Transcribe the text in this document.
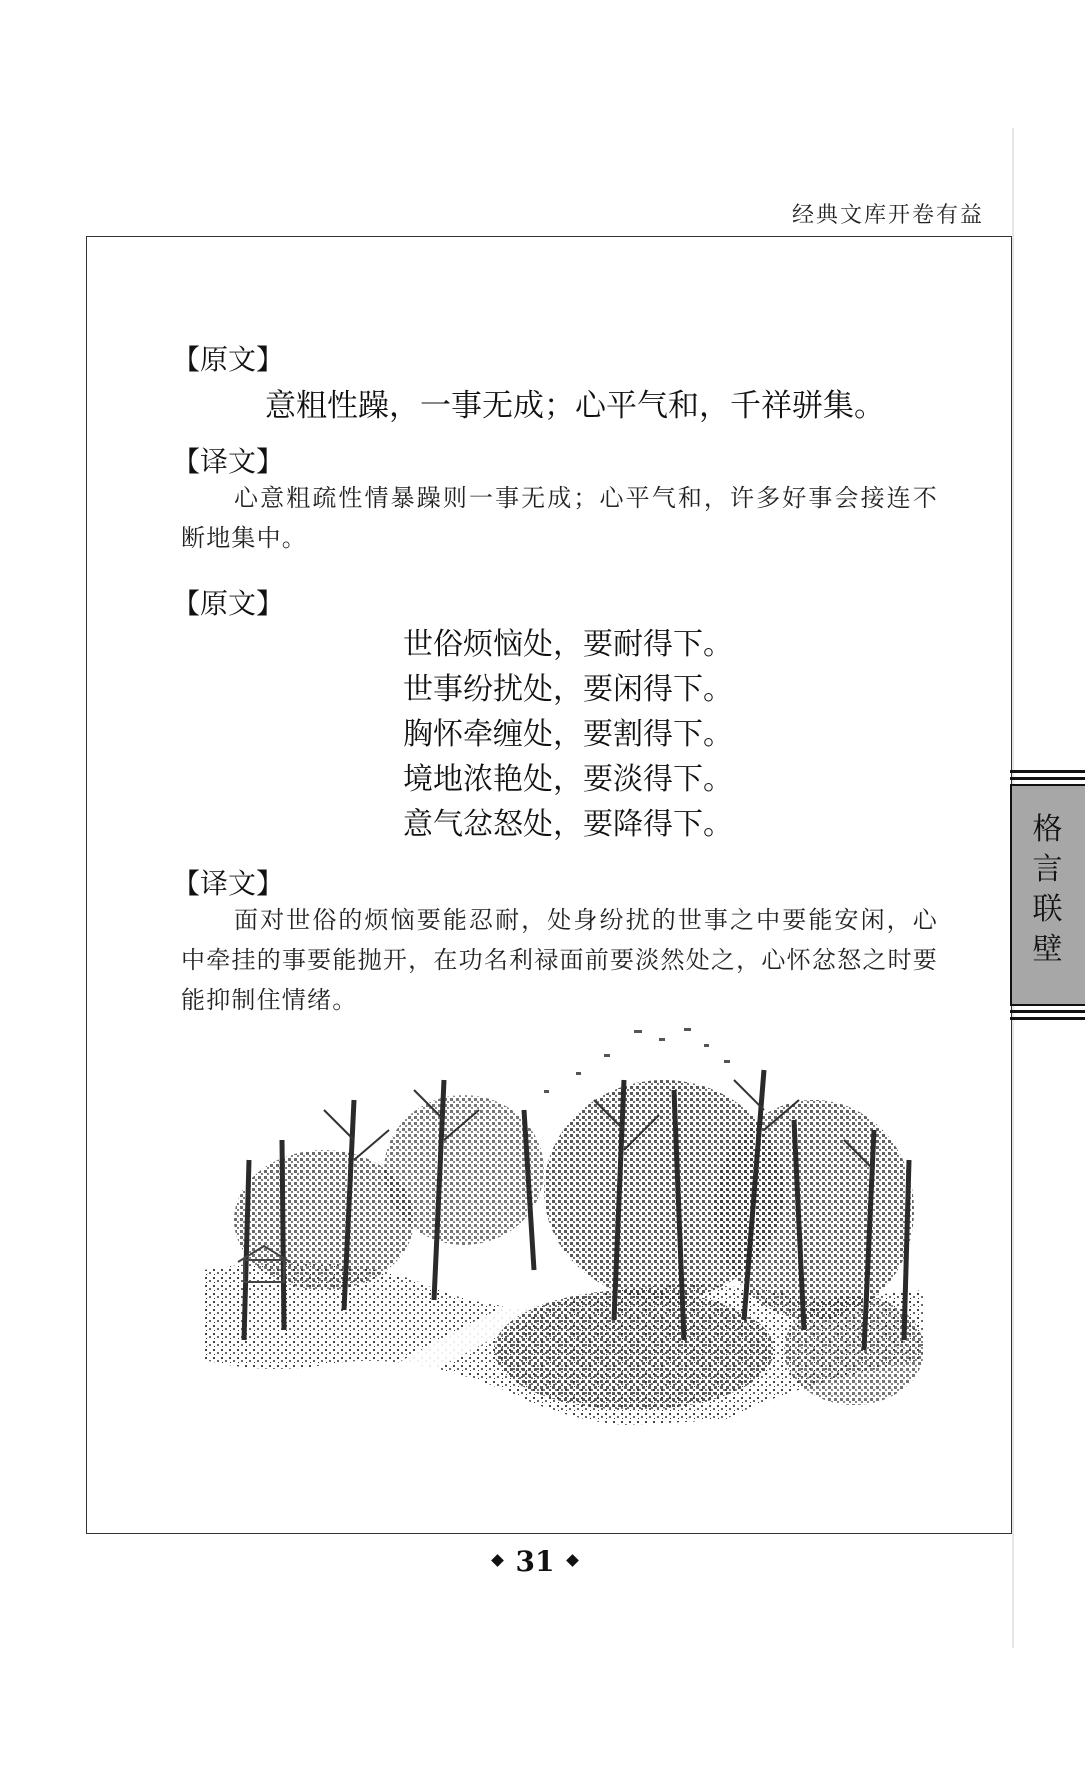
经典文库开卷有益
【原文】
意粗性躁，一事无成；心平气和，千祥骈集。
【译文】
心意粗疏性情暴躁则一事无成；心平气和，许多好事会接连不断地集中。
【原文】
世俗烦恼处，要耐得下。
世事纷扰处，要闲得下。
胸怀牵缠处，要割得下。
境地浓艳处，要淡得下。
意气忿怒处，要降得下。
【译文】
面对世俗的烦恼要能忍耐，处身纷扰的世事之中要能安闲，心中牵挂的事要能抛开，在功名利禄面前要淡然处之，心怀忿怒之时要能抑制住情绪。
格言联壁
31
